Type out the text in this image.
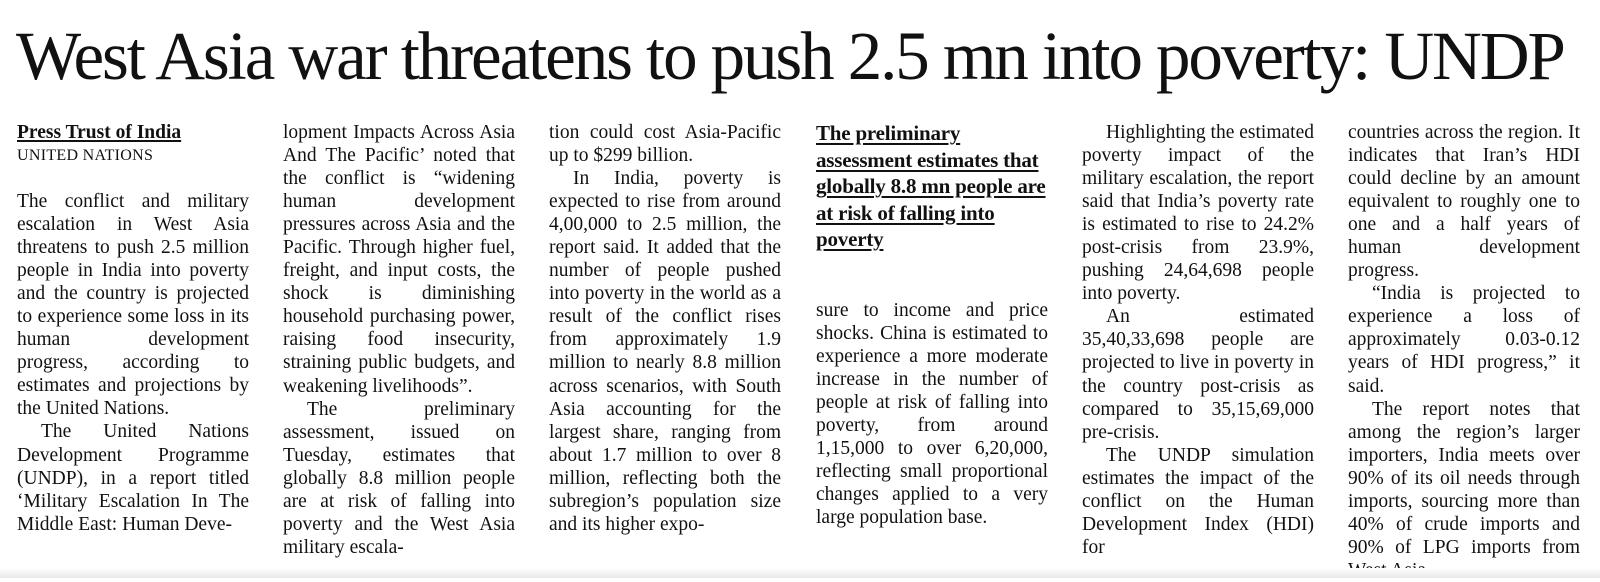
West Asia war threatens to push 2.5 mn into poverty: UNDP
Press Trust of India
UNITED NATIONS

The conflict and military escalation in West Asia threatens to push 2.5 million people in India into poverty and the country is projected to experience some loss in its human development progress, according to estimates and projections by the United Nations.

The United Nations Development Programme (UNDP), in a report titled ‘Military Escalation In The Middle East: Human Deve-

lopment Impacts Across Asia And The Pacific’ noted that the conflict is “widening human development pressures across Asia and the Pacific. Through higher fuel, freight, and input costs, the shock is diminishing household purchasing power, raising food insecurity, straining public budgets, and weakening livelihoods”.

The preliminary assessment, issued on Tuesday, estimates that globally 8.8 million people are at risk of falling into poverty and the West Asia military escala-

tion could cost Asia-Pacific up to $299 billion.

In India, poverty is expected to rise from around 4,00,000 to 2.5 million, the report said. It added that the number of people pushed into poverty in the world as a result of the conflict rises from approximately 1.9 million to nearly 8.8 million across scenarios, with South Asia accounting for the largest share, ranging from about 1.7 million to over 8 million, reflecting both the subregion’s population size and its higher expo-

The preliminary assessment estimates that globally 8.8 mn people are at risk of falling into poverty

sure to income and price shocks. China is estimated to experience a more moderate increase in the number of people at risk of falling into poverty, from around 1,15,000 to over 6,20,000, reflecting small proportional changes applied to a very large population base.

Highlighting the estimated poverty impact of the military escalation, the report said that India’s poverty rate is estimated to rise to 24.2% post-crisis from 23.9%, pushing 24,64,698 people into poverty.

An estimated 35,40,33,698 people are projected to live in poverty in the country post-crisis as compared to 35,15,69,000 pre-crisis.

The UNDP simulation estimates the impact of the conflict on the Human Development Index (HDI) for

countries across the region. It indicates that Iran’s HDI could decline by an amount equivalent to roughly one to one and a half years of human development progress.

“India is projected to experience a loss of approximately 0.03-0.12 years of HDI progress,” it said.

The report notes that among the region’s larger importers, India meets over 90% of its oil needs through imports, sourcing more than 40% of crude imports and 90% of LPG imports from
